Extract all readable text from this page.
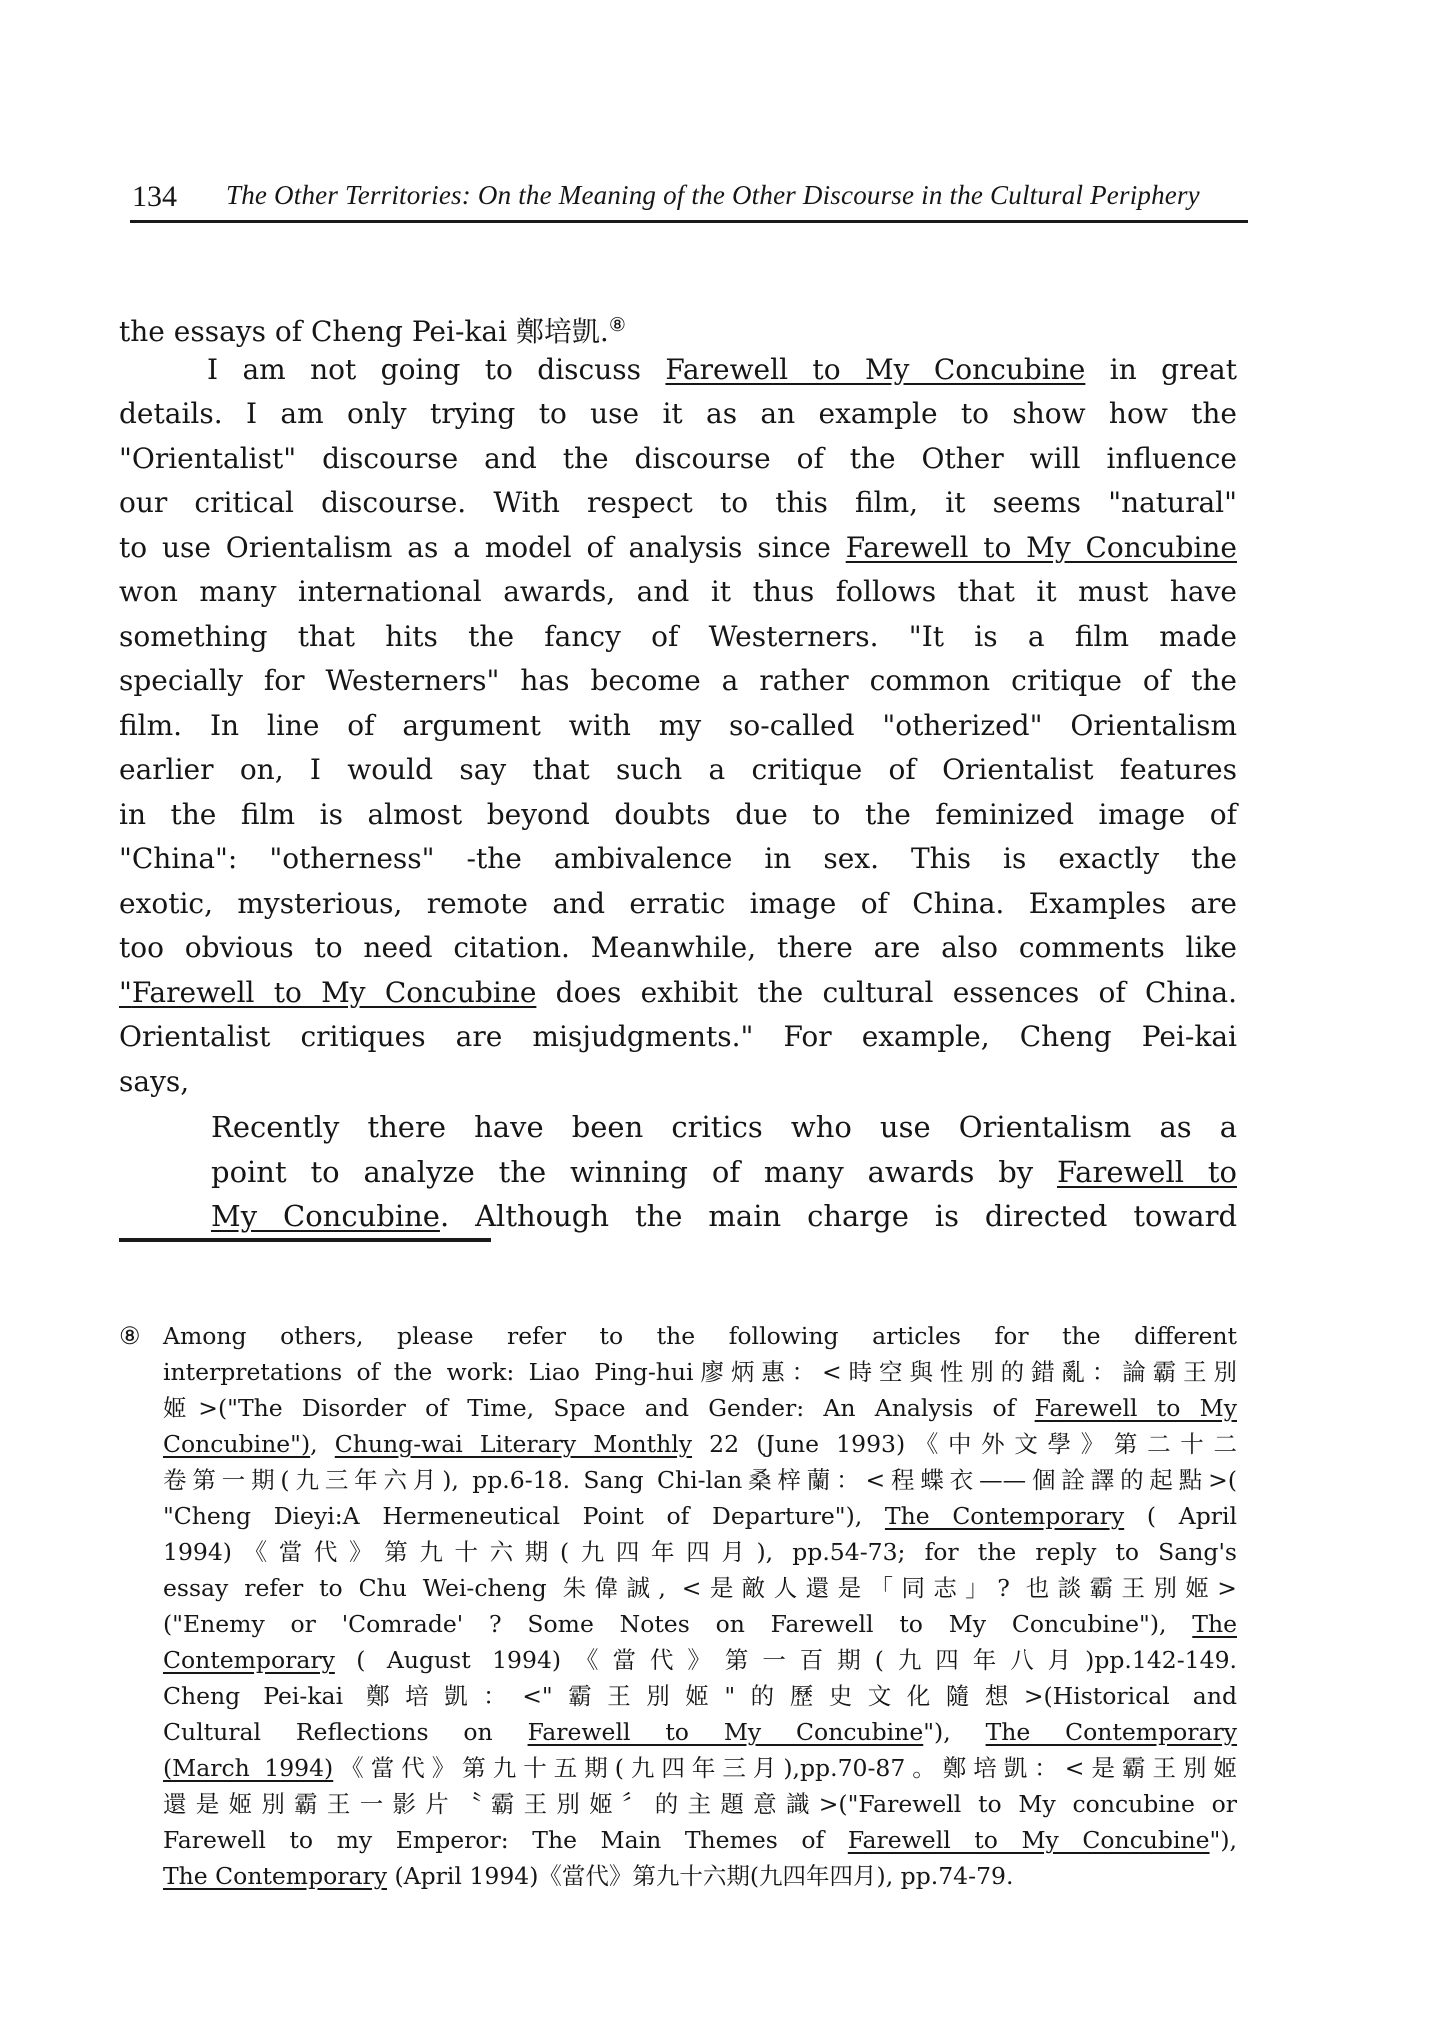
134 The Other Territories: On the Meaning of the Other Discourse in the Cultural Periphery
the essays of Cheng Pei-kai 鄭培凱.⑧
I am not going to discuss Farewell to My Concubine in great
details. I am only trying to use it as an example to show how the
"Orientalist" discourse and the discourse of the Other will influence
our critical discourse. With respect to this film, it seems "natural"
to use Orientalism as a model of analysis since Farewell to My Concubine
won many international awards, and it thus follows that it must have
something that hits the fancy of Westerners. "It is a film made
specially for Westerners" has become a rather common critique of the
film. In line of argument with my so-called "otherized" Orientalism
earlier on, I would say that such a critique of Orientalist features
in the film is almost beyond doubts due to the feminized image of
"China": "otherness" -the ambivalence in sex. This is exactly the
exotic, mysterious, remote and erratic image of China. Examples are
too obvious to need citation. Meanwhile, there are also comments like
"Farewell to My Concubine does exhibit the cultural essences of China.
Orientalist critiques are misjudgments." For example, Cheng Pei-kai
says,
Recently there have been critics who use Orientalism as a
point to analyze the winning of many awards by Farewell to
My Concubine. Although the main charge is directed toward
⑧ Among others, please refer to the following articles for the different
interpretations of the work: Liao Ping-hui廖炳惠：<時空與性別的錯亂：論霸王別
姬>("The Disorder of Time, Space and Gender: An Analysis of Farewell to My
Concubine"), Chung-wai Literary Monthly 22 (June 1993)《中外文學》第二十二
卷第一期(九三年六月), pp.6-18. Sang Chi-lan桑梓蘭：<程蝶衣——個詮譯的起點>(
"Cheng Dieyi:A Hermeneutical Point of Departure"), The Contemporary ( April
1994)《當代》第九十六期(九四年四月), pp.54-73; for the reply to Sang's
essay refer to Chu Wei-cheng 朱偉誠, <是敵人還是「同志」? 也談霸王別姬>
("Enemy or 'Comrade' ? Some Notes on Farewell to My Concubine"), The
Contemporary ( August 1994)《當代》第一百期(九四年八月)pp.142-149.
Cheng Pei-kai 鄭培凱：<"霸王別姬"的歷史文化隨想>(Historical and
Cultural Reflections on Farewell to My Concubine"), The Contemporary
(March 1994)《當代》第九十五期(九四年三月),pp.70-87。鄭培凱：<是霸王別姬
還是姬別霸王一影片〝霸王別姬〞的主題意識>("Farewell to My concubine or
Farewell to my Emperor: The Main Themes of Farewell to My Concubine"),
The Contemporary (April 1994)《當代》第九十六期(九四年四月), pp.74-79.
